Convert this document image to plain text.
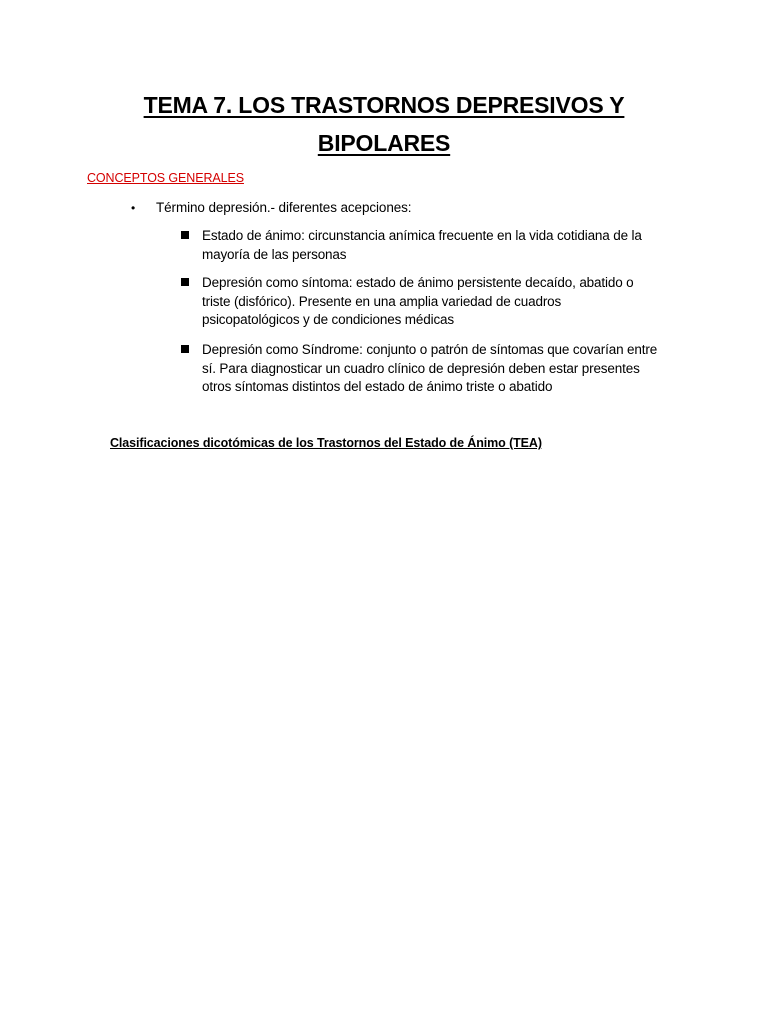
TEMA 7. LOS TRASTORNOS DEPRESIVOS Y
BIPOLARES
CONCEPTOS GENERALES
•	Término depresión.- diferentes acepciones:
Estado de ánimo: circunstancia anímica frecuente en la vida cotidiana de la mayoría de las personas
Depresión como síntoma: estado de ánimo persistente decaído, abatido o triste (disfórico). Presente en una amplia variedad de cuadros psicopatológicos y de condiciones médicas
Depresión como Síndrome: conjunto o patrón de síntomas que covarían entre sí. Para diagnosticar un cuadro clínico de depresión deben estar presentes otros síntomas distintos del estado de ánimo triste o abatido
Clasificaciones dicotómicas de los Trastornos del Estado de Ánimo (TEA)
